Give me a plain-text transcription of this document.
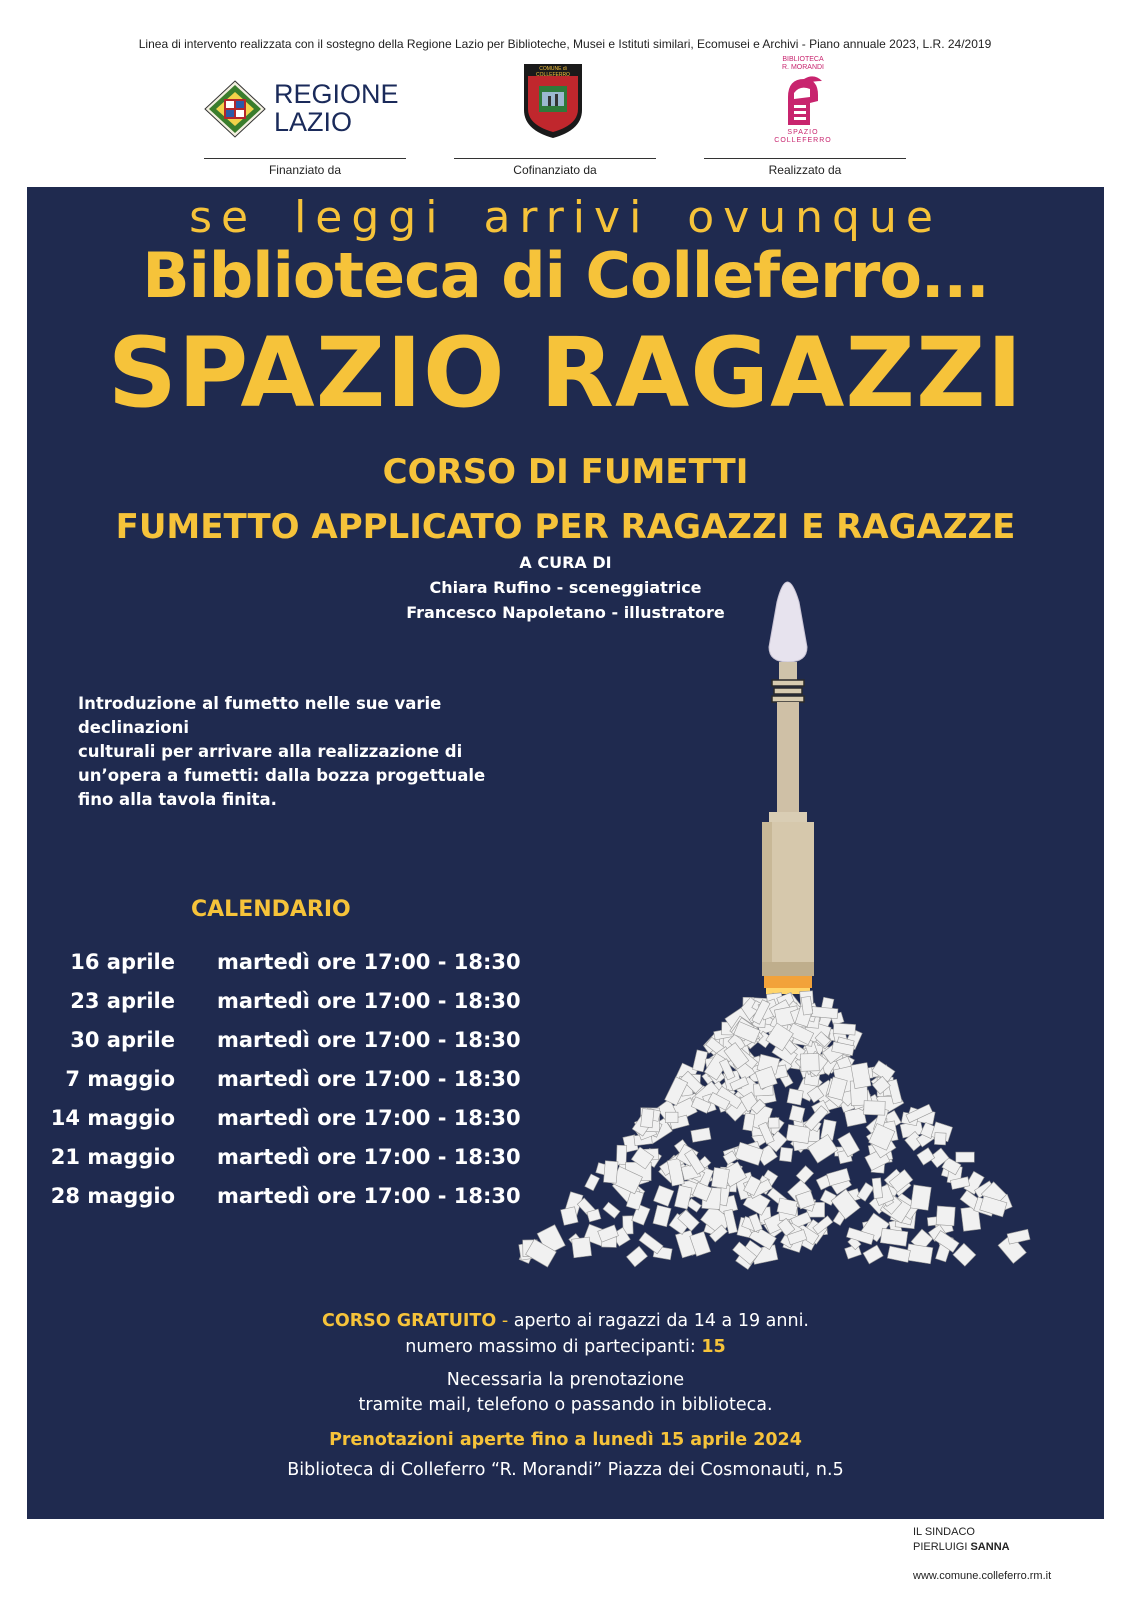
Linea di intervento realizzata con il sostegno della Regione Lazio per Biblioteche, Musei e Istituti similari, Ecomusei e Archivi - Piano annuale 2023, L.R. 24/2019
REGIONE
LAZIO
COMUNE di COLLEFERRO
BIBLIOTECA
R. MORANDI
SPAZIO
COLLEFERRO
Finanziato da	Cofinanziato da	Realizzato da
se leggi arrivi ovunque
Biblioteca di Colleferro...
SPAZIO RAGAZZI
CORSO DI FUMETTI
FUMETTO APPLICATO PER RAGAZZI E RAGAZZE
A CURA DI
Chiara Rufino - sceneggiatrice
Francesco Napoletano - illustratore
Introduzione al fumetto nelle sue varie
declinazioni
culturali per arrivare alla realizzazione di
un’opera a fumetti: dalla bozza progettuale
fino alla tavola finita.
CALENDARIO
16 aprile martedì ore 17:00 - 18:30
23 aprile martedì ore 17:00 - 18:30
30 aprile martedì ore 17:00 - 18:30
7 maggio martedì ore 17:00 - 18:30
14 maggio martedì ore 17:00 - 18:30
21 maggio martedì ore 17:00 - 18:30
28 maggio martedì ore 17:00 - 18:30
CORSO GRATUITO - aperto ai ragazzi da 14 a 19 anni.
numero massimo di partecipanti: 15
Necessaria la prenotazione
tramite mail, telefono o passando in biblioteca.
Prenotazioni aperte fino a lunedì 15 aprile 2024
Biblioteca di Colleferro “R. Morandi” Piazza dei Cosmonauti, n.5
IL SINDACO
PIERLUIGI SANNA
www.comune.colleferro.rm.it
